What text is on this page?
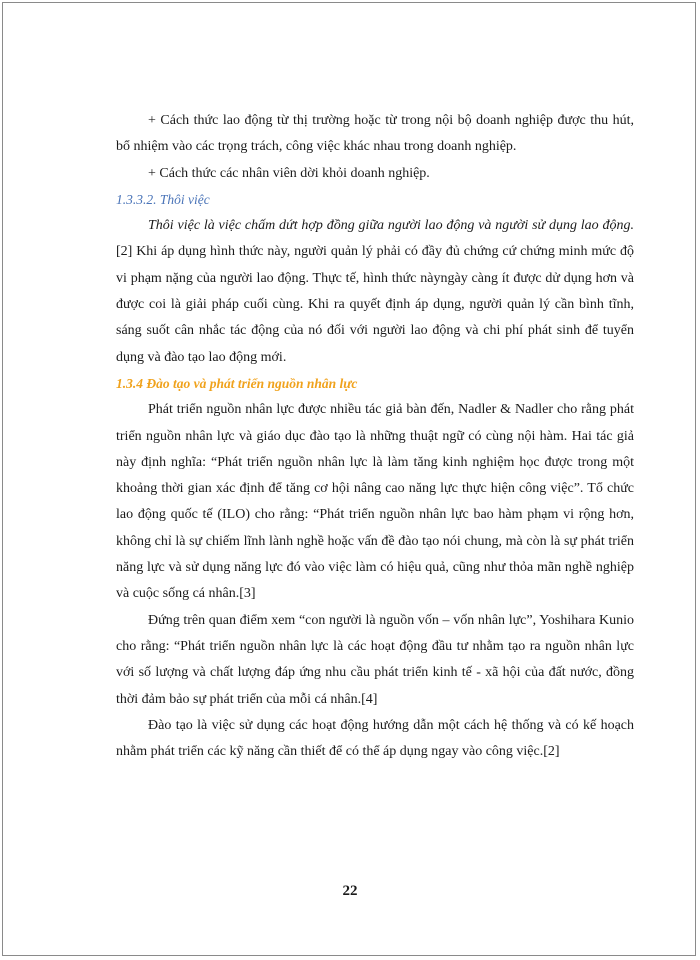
+ Cách thức lao động từ thị trường hoặc từ trong nội bộ doanh nghiệp được thu hút, bổ nhiệm vào các trọng trách, công việc khác nhau trong doanh nghiệp.

+ Cách thức các nhân viên dời khỏi doanh nghiệp.

1.3.3.2. Thôi việc

Thôi việc là việc chấm dứt hợp đồng giữa người lao động và người sử dụng lao động.[2] Khi áp dụng hình thức này, người quản lý phải có đầy đủ chứng cứ chứng minh mức độ vi phạm nặng của người lao động. Thực tế, hình thức nàyngày càng ít được dử dụng hơn và được coi là giải pháp cuối cùng. Khi ra quyết định áp dụng, người quản lý cần bình tĩnh, sáng suốt cân nhắc tác động của nó đối với người lao động và chi phí phát sinh để tuyển dụng và đào tạo lao động mới.

1.3.4 Đào tạo và phát triển nguồn nhân lực

Phát triển nguồn nhân lực được nhiều tác giả bàn đến, Nadler & Nadler cho rằng phát triển nguồn nhân lực và giáo dục đào tạo là những thuật ngữ có cùng nội hàm. Hai tác giả này định nghĩa: “Phát triển nguồn nhân lực là làm tăng kinh nghiệm học được trong một khoảng thời gian xác định để tăng cơ hội nâng cao năng lực thực hiện công việc”. Tổ chức lao động quốc tế (ILO) cho rằng: “Phát triển nguồn nhân lực bao hàm phạm vi rộng hơn, không chỉ là sự chiếm lĩnh lành nghề hoặc vấn đề đào tạo nói chung, mà còn là sự phát triển năng lực và sử dụng năng lực đó vào việc làm có hiệu quả, cũng như thỏa mãn nghề nghiệp và cuộc sống cá nhân.[3]

Đứng trên quan điểm xem “con người là nguồn vốn – vốn nhân lực”, Yoshihara Kunio cho rằng: “Phát triển nguồn nhân lực là các hoạt động đầu tư nhằm tạo ra nguồn nhân lực với số lượng và chất lượng đáp ứng nhu cầu phát triển kinh tế - xã hội của đất nước, đồng thời đảm bảo sự phát triển của mỗi cá nhân.[4]

Đào tạo là việc sử dụng các hoạt động hướng dẫn một cách hệ thống và có kế hoạch nhằm phát triển các kỹ năng cần thiết để có thể áp dụng ngay vào công việc.[2]

22
